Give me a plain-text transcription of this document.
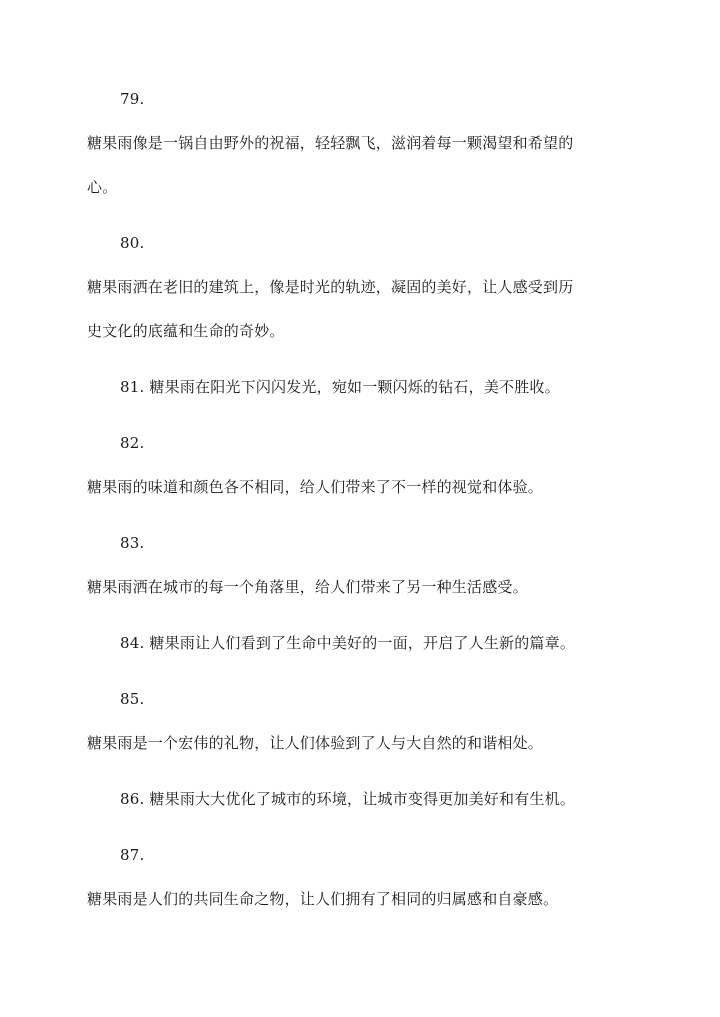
79.
糖果雨像是一锅自由野外的祝福，轻轻飘飞，滋润着每一颗渴望和希望的
心。
80.
糖果雨洒在老旧的建筑上，像是时光的轨迹，凝固的美好，让人感受到历
史文化的底蕴和生命的奇妙。
81. 糖果雨在阳光下闪闪发光，宛如一颗闪烁的钻石，美不胜收。
82.
糖果雨的味道和颜色各不相同，给人们带来了不一样的视觉和体验。
83.
糖果雨洒在城市的每一个角落里，给人们带来了另一种生活感受。
84. 糖果雨让人们看到了生命中美好的一面，开启了人生新的篇章。
85.
糖果雨是一个宏伟的礼物，让人们体验到了人与大自然的和谐相处。
86. 糖果雨大大优化了城市的环境，让城市变得更加美好和有生机。
87.
糖果雨是人们的共同生命之物，让人们拥有了相同的归属感和自豪感。
